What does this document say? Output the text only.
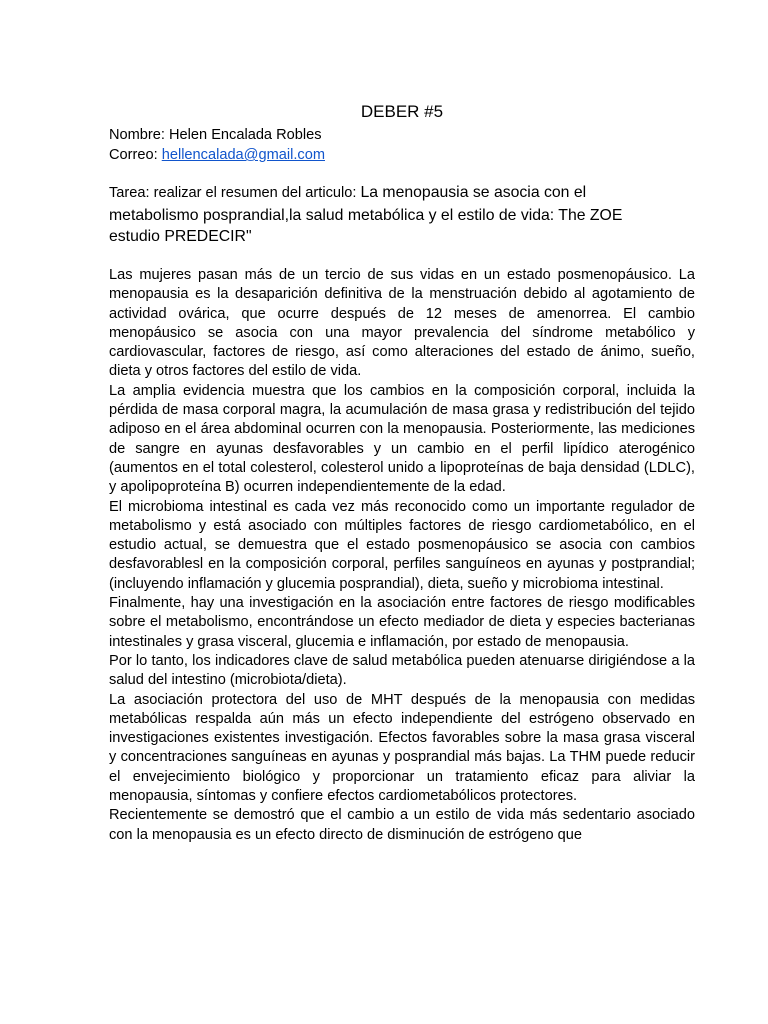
DEBER #5
Nombre: Helen Encalada Robles
Correo: hellencalada@gmail.com
Tarea: realizar el resumen del articulo: La menopausia se asocia con el metabolismo posprandial,la salud metabólica y el estilo de vida: The ZOE estudio PREDECIR"

Las mujeres pasan más de un tercio de sus vidas en un estado posmenopáusico. La menopausia es la desaparición definitiva de la menstruación debido al agotamiento de actividad ovárica, que ocurre después de 12 meses de amenorrea. El cambio menopáusico se asocia con una mayor prevalencia del síndrome metabólico y cardiovascular, factores de riesgo, así como alteraciones del estado de ánimo, sueño, dieta y otros factores del estilo de vida.

La amplia evidencia muestra que los cambios en la composición corporal, incluida la pérdida de masa corporal magra, la acumulación de masa grasa y redistribución del tejido adiposo en el área abdominal ocurren con la menopausia. Posteriormente, las mediciones de sangre en ayunas desfavorables y un cambio en el perfil lipídico aterogénico (aumentos en el total colesterol, colesterol unido a lipoproteínas de baja densidad (LDLC), y apolipoproteína B) ocurren independientemente de la edad.

El microbioma intestinal es cada vez más reconocido como un importante regulador de metabolismo y está asociado con múltiples factores de riesgo cardiometabólico, en el estudio actual, se demuestra que el estado posmenopáusico se asocia con cambios desfavorablesl en la composición corporal, perfiles sanguíneos en ayunas y postprandial; (incluyendo inflamación y glucemia posprandial), dieta, sueño y microbioma intestinal.

Finalmente, hay una investigación en la asociación entre factores de riesgo modificables sobre el metabolismo, encontrándose un efecto mediador de dieta y especies bacterianas intestinales y grasa visceral, glucemia e inflamación, por estado de menopausia.

Por lo tanto, los indicadores clave de salud metabólica pueden atenuarse dirigiéndose a la salud del intestino (microbiota/dieta).

La asociación protectora del uso de MHT después de la menopausia con medidas metabólicas respalda aún más un efecto independiente del estrógeno observado en investigaciones existentes investigación. Efectos favorables sobre la masa grasa visceral y concentraciones sanguíneas en ayunas y posprandial más bajas. La THM puede reducir el envejecimiento biológico y proporcionar un tratamiento eficaz para aliviar la menopausia, síntomas y confiere efectos cardiometabólicos protectores.

Recientemente se demostró que el cambio a un estilo de vida más sedentario asociado con la menopausia es un efecto directo de disminución de estrógeno que
